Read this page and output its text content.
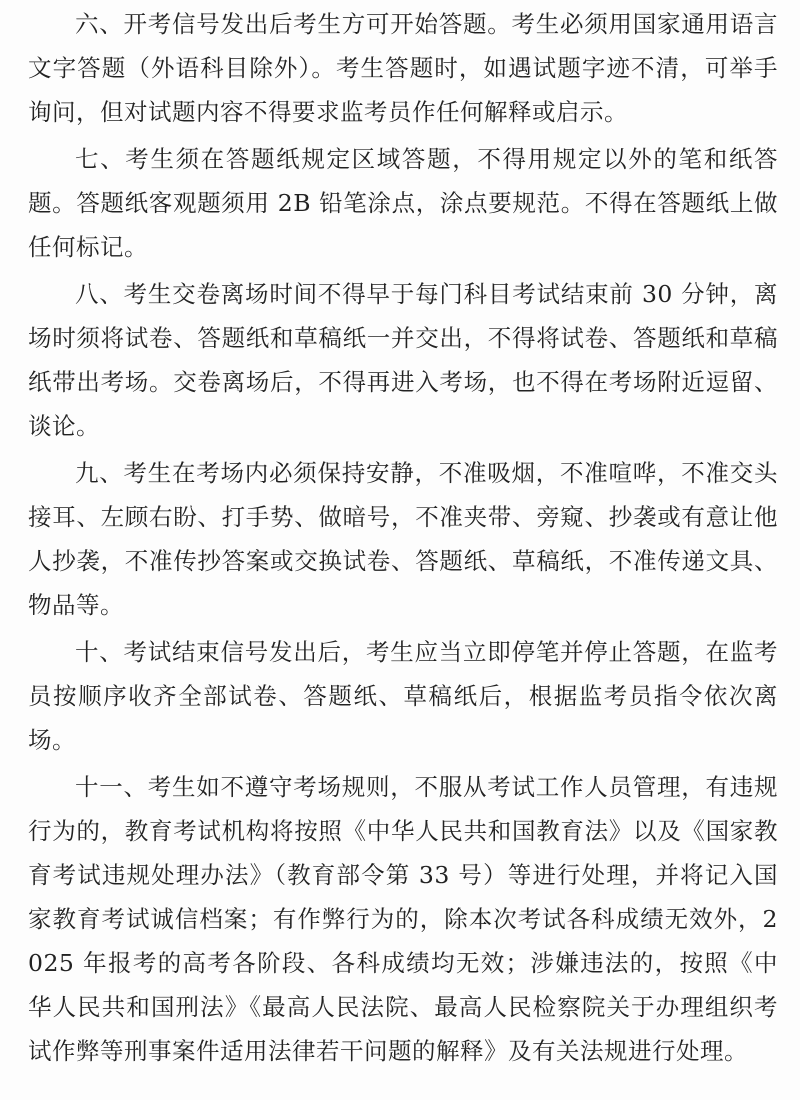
六、开考信号发出后考生方可开始答题。考生必须用国家通用语言文字答题（外语科目除外）。考生答题时，如遇试题字迹不清，可举手询问，但对试题内容不得要求监考员作任何解释或启示。

七、考生须在答题纸规定区域答题，不得用规定以外的笔和纸答题。答题纸客观题须用 2B 铅笔涂点，涂点要规范。不得在答题纸上做任何标记。

八、考生交卷离场时间不得早于每门科目考试结束前 30 分钟，离场时须将试卷、答题纸和草稿纸一并交出，不得将试卷、答题纸和草稿纸带出考场。交卷离场后，不得再进入考场，也不得在考场附近逗留、谈论。

九、考生在考场内必须保持安静，不准吸烟，不准喧哗，不准交头接耳、左顾右盼、打手势、做暗号，不准夹带、旁窥、抄袭或有意让他人抄袭，不准传抄答案或交换试卷、答题纸、草稿纸，不准传递文具、物品等。

十、考试结束信号发出后，考生应当立即停笔并停止答题，在监考员按顺序收齐全部试卷、答题纸、草稿纸后，根据监考员指令依次离场。

十一、考生如不遵守考场规则，不服从考试工作人员管理，有违规行为的，教育考试机构将按照《中华人民共和国教育法》以及《国家教育考试违规处理办法》（教育部令第 33 号）等进行处理，并将记入国家教育考试诚信档案；有作弊行为的，除本次考试各科成绩无效外，2025 年报考的高考各阶段、各科成绩均无效；涉嫌违法的，按照《中华人民共和国刑法》《最高人民法院、最高人民检察院关于办理组织考试作弊等刑事案件适用法律若干问题的解释》及有关法规进行处理。
